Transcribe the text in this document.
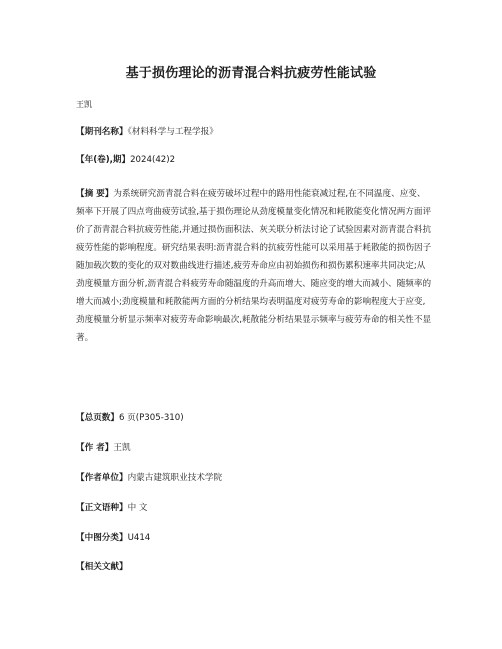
基于损伤理论的沥青混合料抗疲劳性能试验
王凯
【期刊名称】《材料科学与工程学报》
【年(卷),期】2024(42)2
【摘 要】为系统研究沥青混合料在疲劳破坏过程中的路用性能衰减过程,在不同温度、应变、频率下开展了四点弯曲疲劳试验,基于损伤理论从劲度模量变化情况和耗散能变化情况两方面评价了沥青混合料抗疲劳性能,并通过损伤面积法、灰关联分析法讨论了试验因素对沥青混合料抗疲劳性能的影响程度。研究结果表明:沥青混合料的抗疲劳性能可以采用基于耗散能的损伤因子随加载次数的变化的双对数曲线进行描述,疲劳寿命应由初始损伤和损伤累积速率共同决定;从劲度模量方面分析,沥青混合料疲劳寿命随温度的升高而增大、随应变的增大而减小、随频率的增大而减小;劲度模量和耗散能两方面的分析结果均表明温度对疲劳寿命的影响程度大于应变,劲度模量分析显示频率对疲劳寿命影响最次,耗散能分析结果显示频率与疲劳寿命的相关性不显著。
【总页数】6 页(P305-310)
【作 者】王凯
【作者单位】内蒙古建筑职业技术学院
【正文语种】中 文
【中图分类】U414
【相关文献】
